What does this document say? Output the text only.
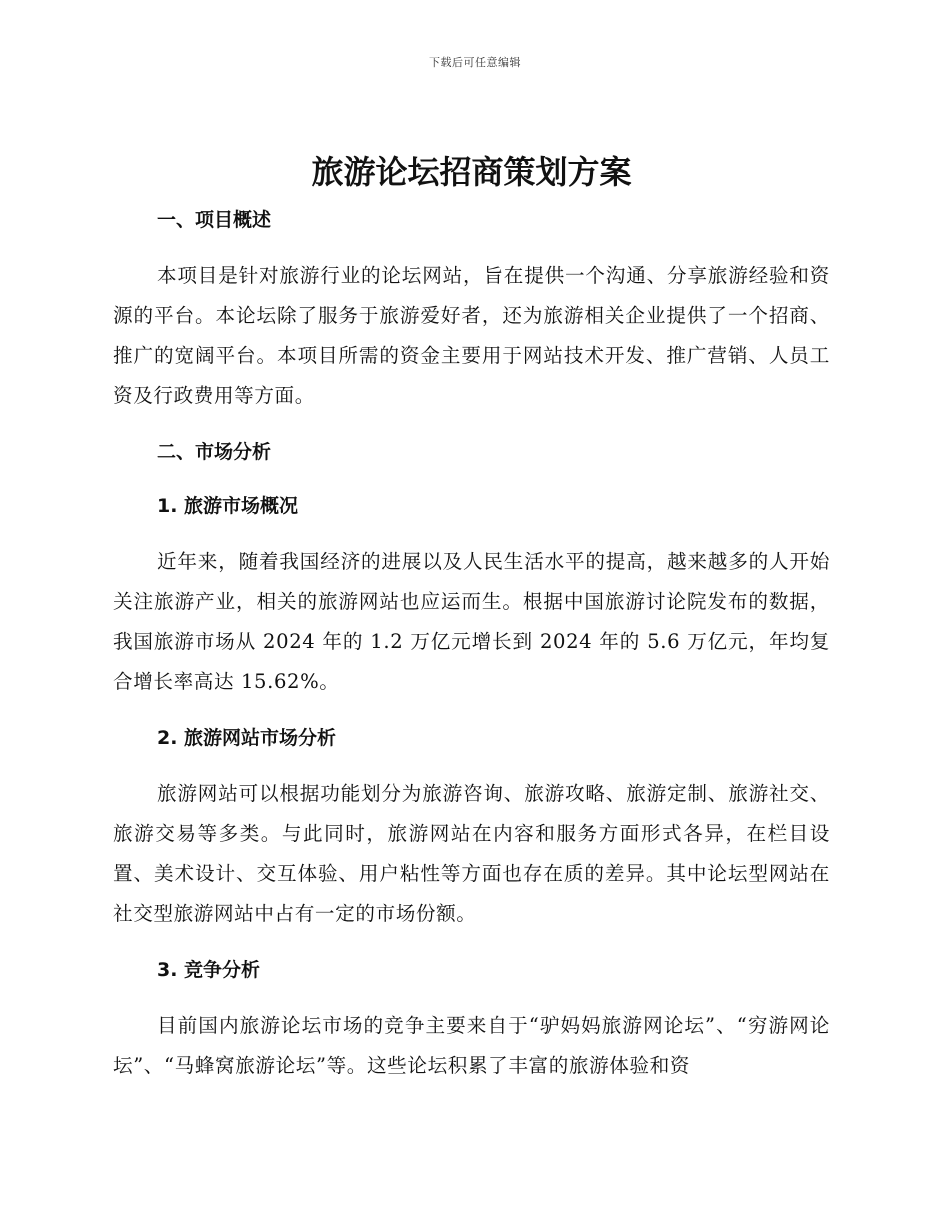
下载后可任意编辑
旅游论坛招商策划方案

一、项目概述

本项目是针对旅游行业的论坛网站，旨在提供一个沟通、分享旅游经验和资源的平台。本论坛除了服务于旅游爱好者，还为旅游相关企业提供了一个招商、推广的宽阔平台。本项目所需的资金主要用于网站技术开发、推广营销、人员工资及行政费用等方面。

二、市场分析

1. 旅游市场概况

近年来，随着我国经济的进展以及人民生活水平的提高，越来越多的人开始关注旅游产业，相关的旅游网站也应运而生。根据中国旅游讨论院发布的数据，我国旅游市场从 2024 年的 1.2 万亿元增长到 2024 年的 5.6 万亿元，年均复合增长率高达 15.62%。

2. 旅游网站市场分析

旅游网站可以根据功能划分为旅游咨询、旅游攻略、旅游定制、旅游社交、旅游交易等多类。与此同时，旅游网站在内容和服务方面形式各异，在栏目设置、美术设计、交互体验、用户粘性等方面也存在质的差异。其中论坛型网站在社交型旅游网站中占有一定的市场份额。

3. 竞争分析

目前国内旅游论坛市场的竞争主要来自于“驴妈妈旅游网论坛”、“穷游网论坛”、“马蜂窝旅游论坛”等。这些论坛积累了丰富的旅游体验和资
